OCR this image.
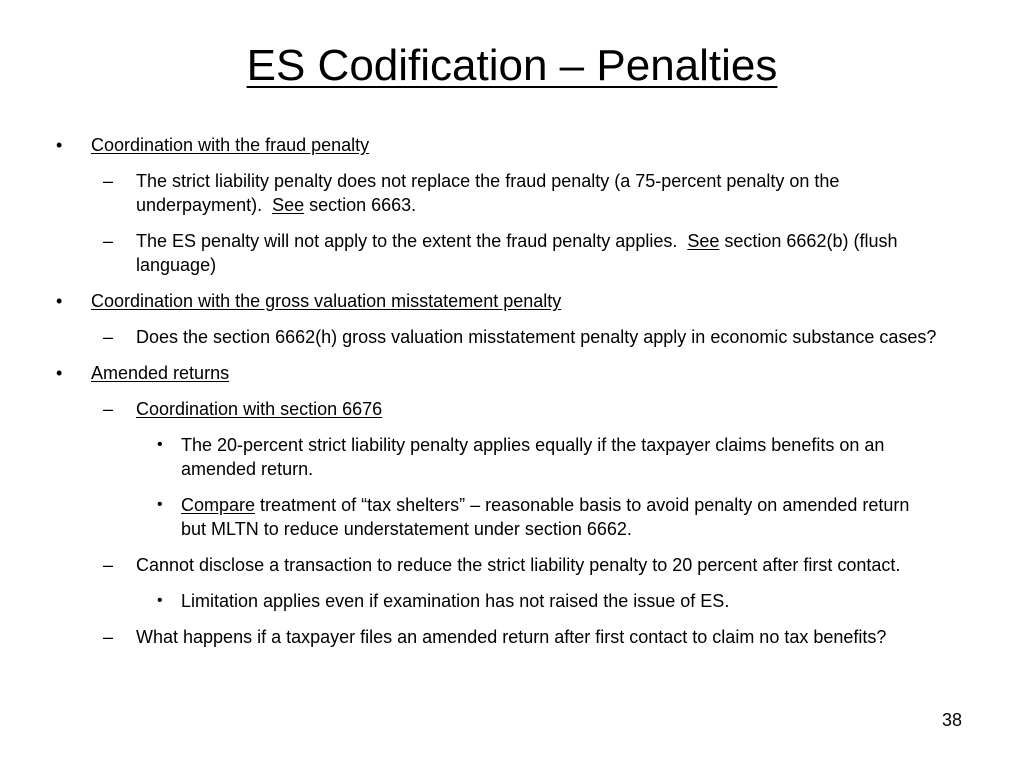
ES Codification – Penalties
• Coordination with the fraud penalty
– The strict liability penalty does not replace the fraud penalty (a 75-percent penalty on the underpayment).  See section 6663.
– The ES penalty will not apply to the extent the fraud penalty applies.  See section 6662(b) (flush language)
• Coordination with the gross valuation misstatement penalty
– Does the section 6662(h) gross valuation misstatement penalty apply in economic substance cases?
• Amended returns
– Coordination with section 6676
• The 20-percent strict liability penalty applies equally if the taxpayer claims benefits on an amended return.
• Compare treatment of “tax shelters” – reasonable basis to avoid penalty on amended return but MLTN to reduce understatement under section 6662.
– Cannot disclose a transaction to reduce the strict liability penalty to 20 percent after first contact.
• Limitation applies even if examination has not raised the issue of ES.
– What happens if a taxpayer files an amended return after first contact to claim no tax benefits?
38
